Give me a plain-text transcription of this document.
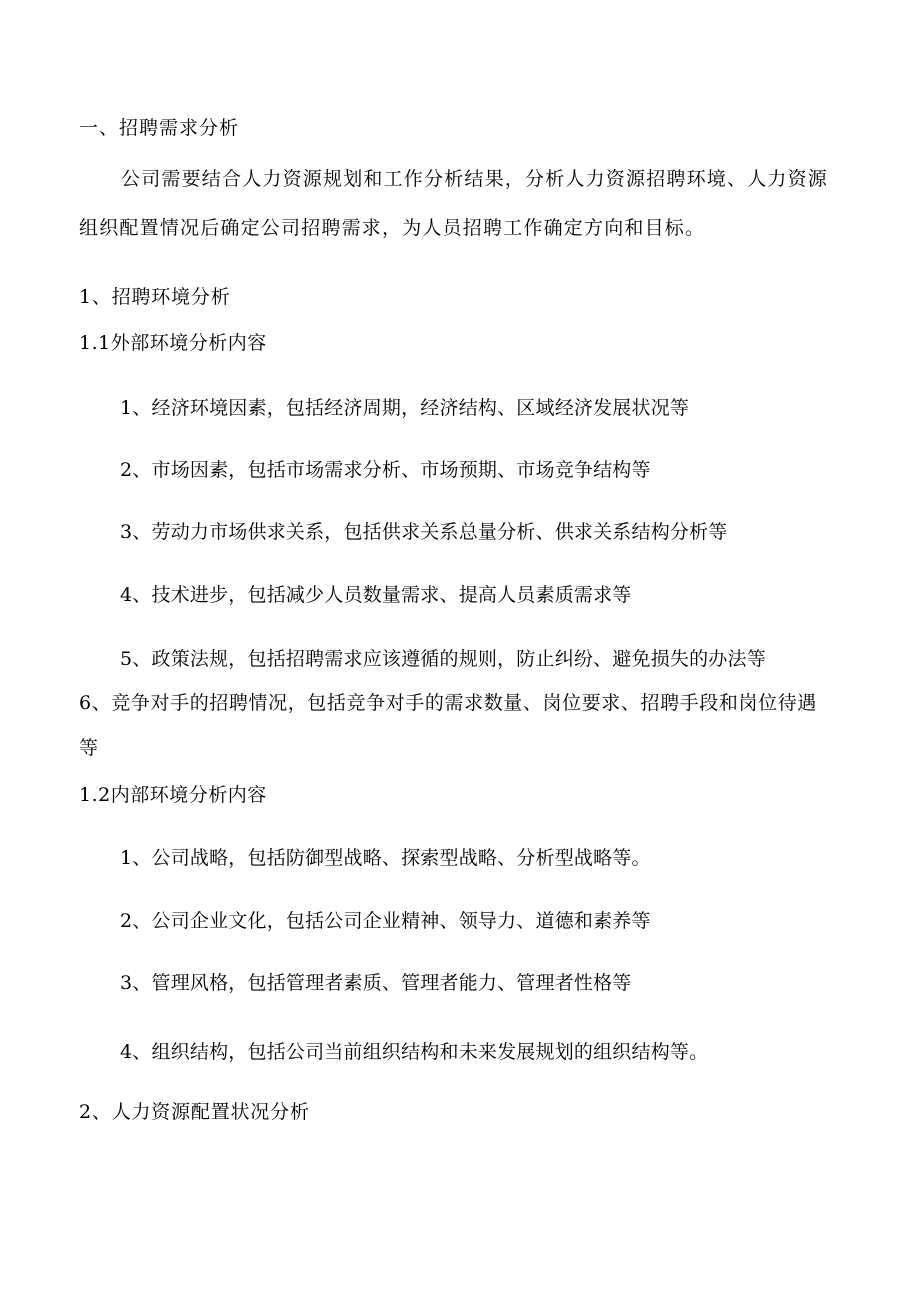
一、招聘需求分析

公司需要结合人力资源规划和工作分析结果，分析人力资源招聘环境、人力资源

组织配置情况后确定公司招聘需求，为人员招聘工作确定方向和目标。

1、招聘环境分析

1.1外部环境分析内容

1、经济环境因素，包括经济周期，经济结构、区域经济发展状况等

2、市场因素，包括市场需求分析、市场预期、市场竞争结构等

3、劳动力市场供求关系，包括供求关系总量分析、供求关系结构分析等

4、技术进步，包括减少人员数量需求、提高人员素质需求等

5、政策法规，包括招聘需求应该遵循的规则，防止纠纷、避免损失的办法等

6、竞争对手的招聘情况，包括竞争对手的需求数量、岗位要求、招聘手段和岗位待遇

等

1.2内部环境分析内容

1、公司战略，包括防御型战略、探索型战略、分析型战略等。

2、公司企业文化，包括公司企业精神、领导力、道德和素养等

3、管理风格，包括管理者素质、管理者能力、管理者性格等

4、组织结构，包括公司当前组织结构和未来发展规划的组织结构等。

2、人力资源配置状况分析
